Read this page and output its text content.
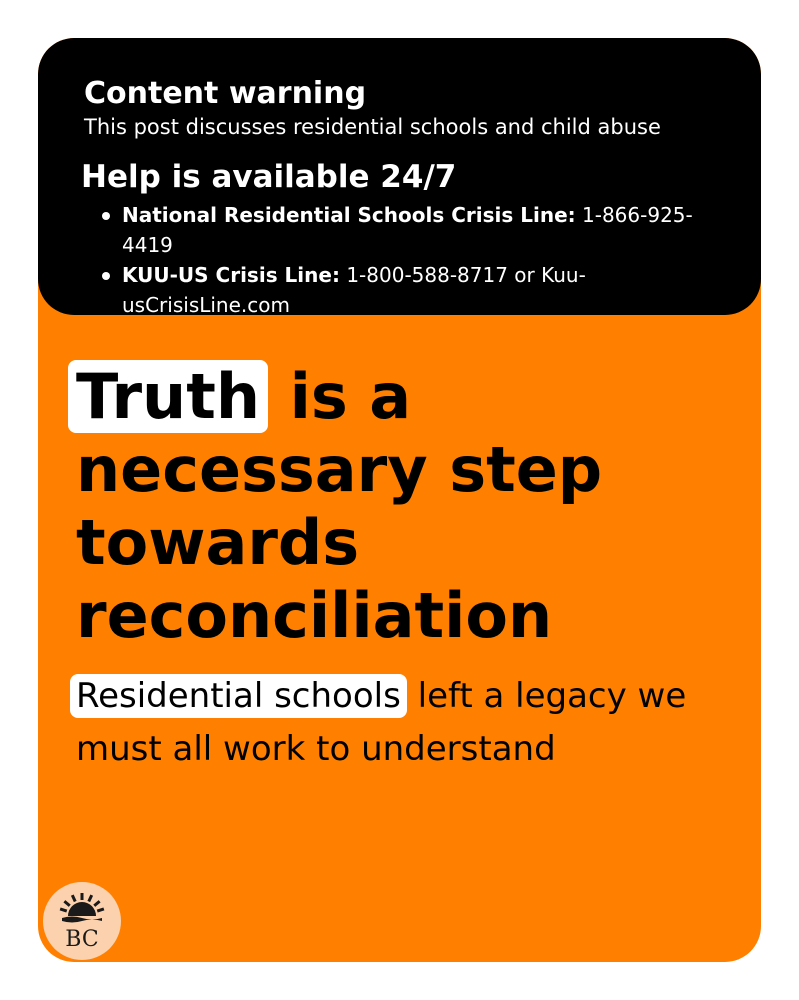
Content warning
This post discusses residential schools and child abuse
Help is available 24/7
National Residential Schools Crisis Line: 1-866-925-4419
KUU-US Crisis Line: 1-800-588-8717 or Kuu-usCrisisLine.com

Truth is a necessary step towards reconciliation

Residential schools left a legacy we must all work to understand

BC
